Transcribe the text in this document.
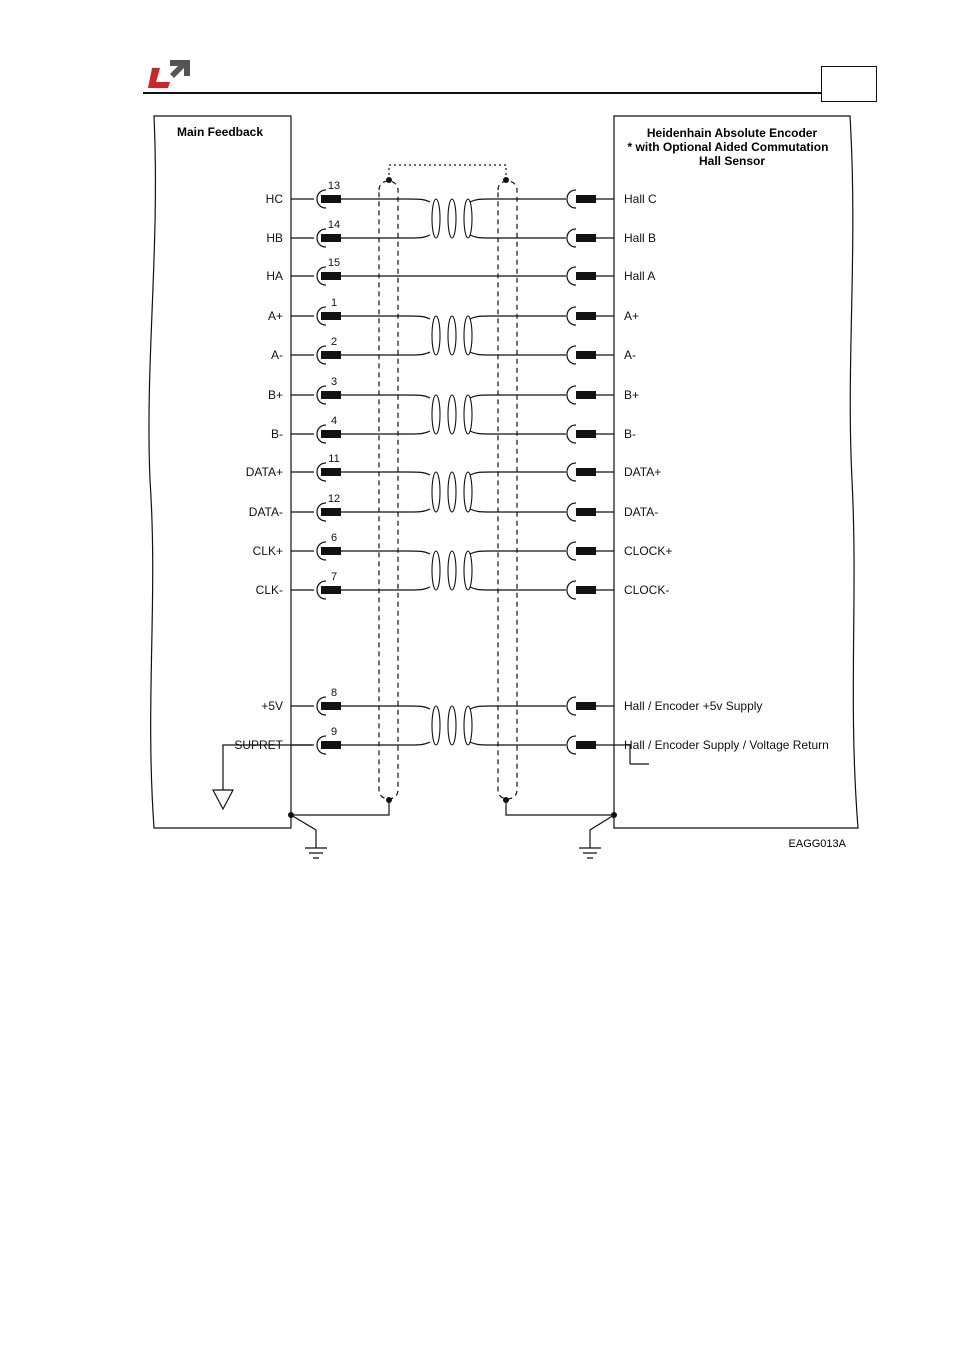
Main Feedback	Heidenhain Absolute Encoder
* with Optional Aided Commutation
Hall Sensor
EAGG013A
HC
13
Hall C
HB
14
Hall B
HA
15
Hall A
A+
1
A+
A-
2
A-
B+
3
B+
B-
4
B-
DATA+
11
DATA+
DATA-
12
DATA-
CLK+
6
CLOCK+
CLK-
7
CLOCK-
+5V
8
Hall / Encoder +5v Supply
SUPRET
9
Hall / Encoder Supply / Voltage Return
